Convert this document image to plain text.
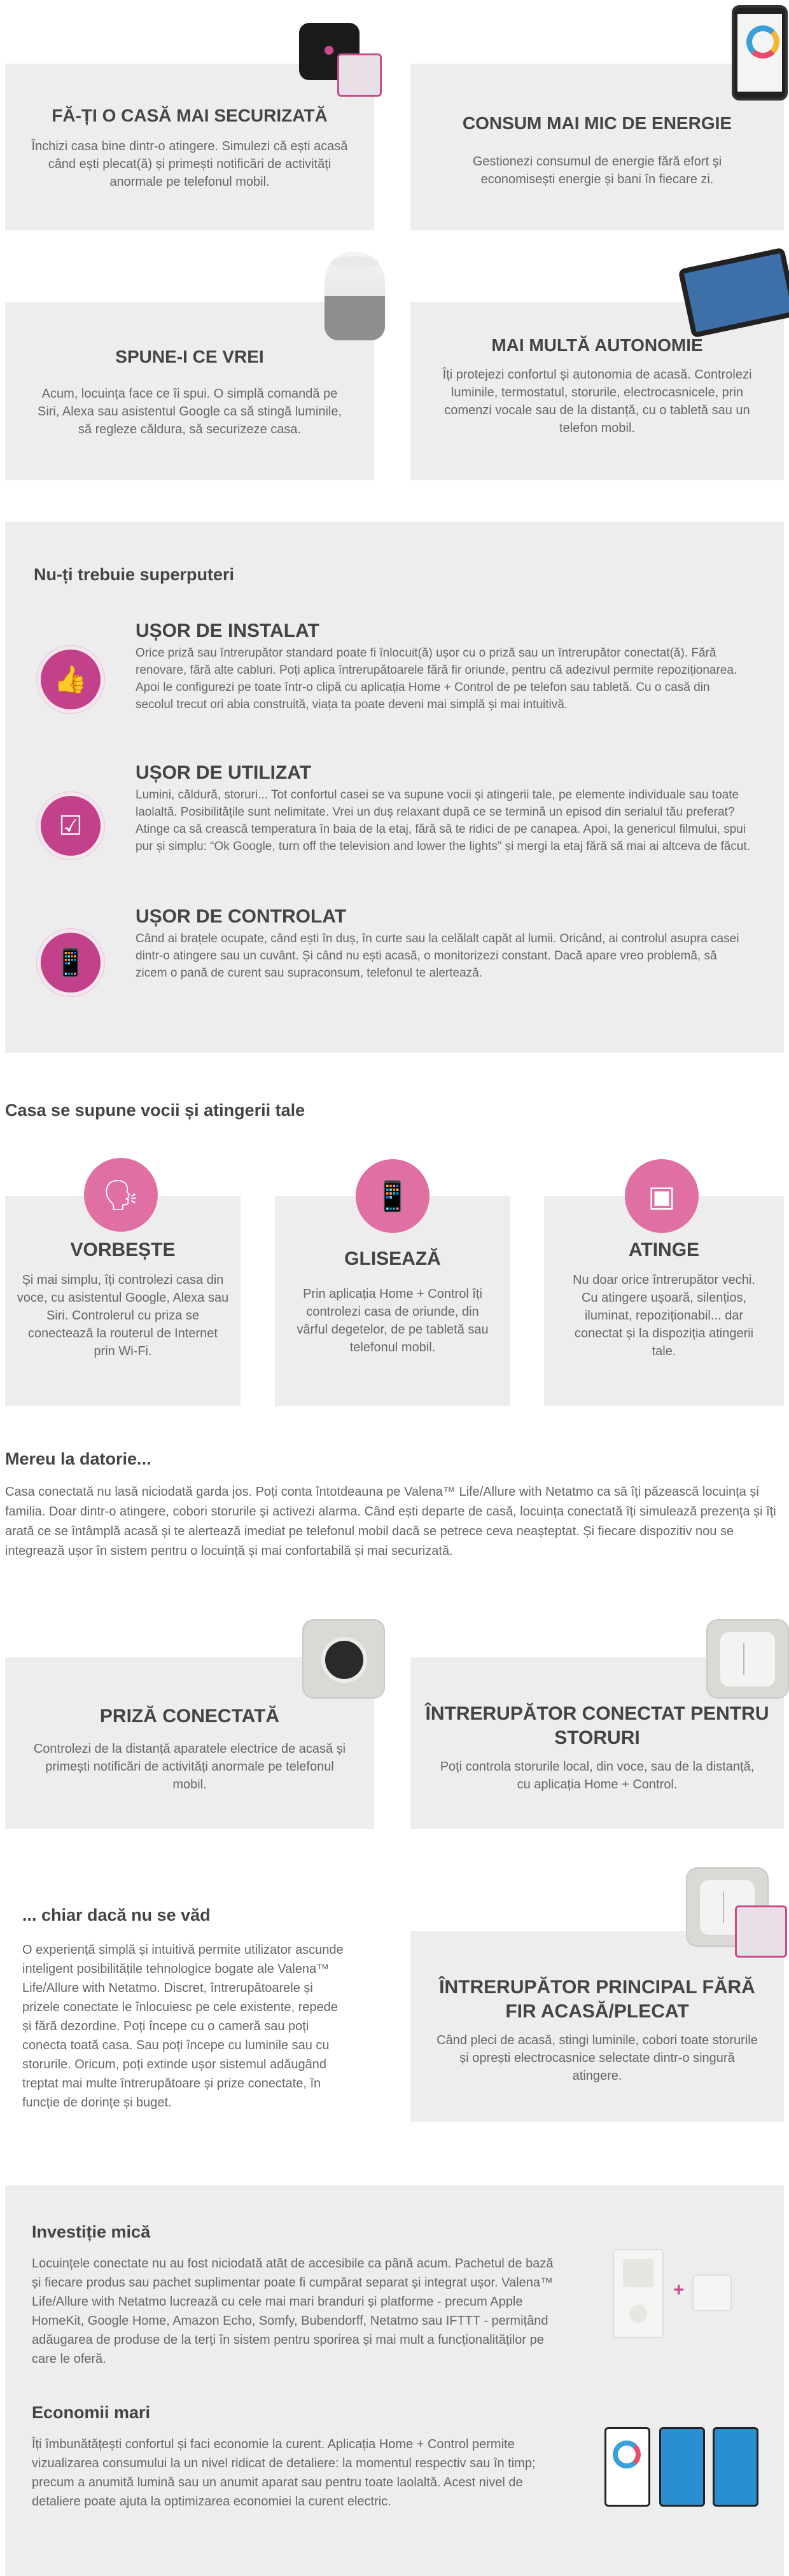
FĂ-ȚI O CASĂ MAI SECURIZATĂ
Închizi casa bine dintr-o atingere. Simulezi că ești acasă când ești plecat(ă) și primești notificări de activități anormale pe telefonul mobil.
CONSUM MAI MIC DE ENERGIE
Gestionezi consumul de energie fără efort și economisești energie și bani în fiecare zi.
SPUNE-I CE VREI
Acum, locuința face ce îi spui. O simplă comandă pe Siri, Alexa sau asistentul Google ca să stingă luminile, să regleze căldura, să securizeze casa.
MAI MULTĂ AUTONOMIE
Îți protejezi confortul și autonomia de acasă. Controlezi luminile, termostatul, storurile, electrocasnicele, prin comenzi vocale sau de la distanță, cu o tabletă sau un telefon mobil.
Nu-ți trebuie superputeri
👍
UȘOR DE INSTALAT
Orice priză sau întrerupător standard poate fi înlocuit(ă) ușor cu o priză sau un întrerupător conectat(ă). Fără renovare, fără alte cabluri. Poți aplica întrerupătoarele fără fir oriunde, pentru că adezivul permite repoziționarea. Apoi le configurezi pe toate într-o clipă cu aplicația Home + Control de pe telefon sau tabletă. Cu o casă din secolul trecut ori abia construită, viața ta poate deveni mai simplă și mai intuitivă.
☑
UȘOR DE UTILIZAT
Lumini, căldură, storuri... Tot confortul casei se va supune vocii și atingerii tale, pe elemente individuale sau toate laolaltă. Posibilitățile sunt nelimitate. Vrei un duș relaxant după ce se termină un episod din serialul tău preferat? Atinge ca să crească temperatura în baia de la etaj, fără să te ridici de pe canapea. Apoi, la genericul filmului, spui pur și simplu: “Ok Google, turn off the television and lower the lights” și mergi la etaj fără să mai ai altceva de făcut.
📱
UȘOR DE CONTROLAT
Când ai brațele ocupate, când ești în duș, în curte sau la celălalt capăt al lumii. Oricând, ai controlul asupra casei dintr-o atingere sau un cuvânt. Și când nu ești acasă, o monitorizezi constant. Dacă apare vreo problemă, să zicem o pană de curent sau supraconsum, telefonul te alertează.
Casa se supune vocii și atingerii tale
VORBEȘTE
Și mai simplu, îți controlezi casa din voce, cu asistentul Google, Alexa sau Siri. Controlerul cu priza se conectează la routerul de Internet prin Wi-Fi.
🗣
GLISEAZĂ
Prin aplicația Home + Control îți controlezi casa de oriunde, din vârful degetelor, de pe tabletă sau telefonul mobil.
📱
ATINGE
Nu doar orice întrerupător vechi. Cu atingere ușoară, silențios, iluminat, repoziționabil... dar conectat și la dispoziția atingerii tale.
▣
Mereu la datorie...
Casa conectată nu lasă niciodată garda jos. Poți conta întotdeauna pe Valena™ Life/Allure with Netatmo ca să îți păzească locuința și familia. Doar dintr-o atingere, cobori storurile și activezi alarma. Când ești departe de casă, locuința conectată îți simulează prezența și îți arată ce se întâmplă acasă și te alertează imediat pe telefonul mobil dacă se petrece ceva neașteptat. Și fiecare dispozitiv nou se integrează ușor în sistem pentru o locuință și mai confortabilă și mai securizată.
PRIZĂ CONECTATĂ
Controlezi de la distanță aparatele electrice de acasă și primești notificări de activități anormale pe telefonul mobil.
ÎNTRERUPĂTOR CONECTAT PENTRU STORURI
Poți controla storurile local, din voce, sau de la distanță, cu aplicația Home + Control.
... chiar dacă nu se văd
O experiență simplă și intuitivă permite utilizator ascunde inteligent posibilitățile tehnologice bogate ale Valena™ Life/Allure with Netatmo. Discret, întrerupătoarele și prizele conectate le înlocuiesc pe cele existente, repede și fără dezordine. Poți începe cu o cameră sau poți conecta toată casa. Sau poți începe cu luminile sau cu storurile. Oricum, poți extinde ușor sistemul adăugând treptat mai multe întrerupătoare și prize conectate, în funcție de dorințe și buget.
ÎNTRERUPĂTOR PRINCIPAL FĂRĂ FIR ACASĂ/PLECAT
Când pleci de acasă, stingi luminile, cobori toate storurile și oprești electrocasnice selectate dintr-o singură atingere.
Investiție mică
Locuințele conectate nu au fost niciodată atât de accesibile ca până acum. Pachetul de bază și fiecare produs sau pachet suplimentar poate fi cumpărat separat și integrat ușor. Valena™ Life/Allure with Netatmo lucrează cu cele mai mari branduri și platforme - precum Apple HomeKit, Google Home, Amazon Echo, Somfy, Bubendorff, Netatmo sau IFTTT - permițând adăugarea de produse de la terți în sistem pentru sporirea și mai mult a funcționalităților pe care le oferă.
+
Economii mari
Îți îmbunătățești confortul și faci economie la curent. Aplicația Home + Control permite vizualizarea consumului la un nivel ridicat de detaliere: la momentul respectiv sau în timp; precum a anumită lumină sau un anumit aparat sau pentru toate laolaltă. Acest nivel de detaliere poate ajuta la optimizarea economiei la curent electric.
